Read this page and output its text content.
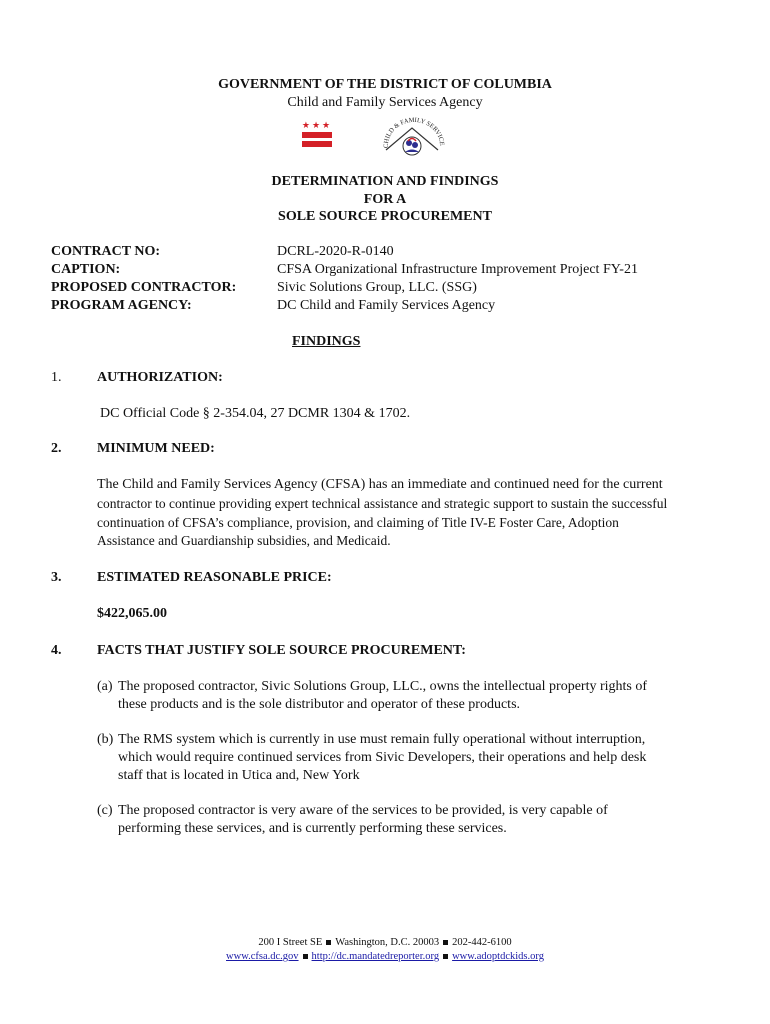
GOVERNMENT OF THE DISTRICT OF COLUMBIA
Child and Family Services Agency
★★★
CHILD & FAMILY SERVICE
DETERMINATION AND FINDINGS
FOR A
SOLE SOURCE PROCUREMENT
CONTRACT NO:	DCRL-2020-R-0140
CAPTION:	CFSA Organizational Infrastructure Improvement Project FY-21
PROPOSED CONTRACTOR:	Sivic Solutions Group, LLC. (SSG)
PROGRAM AGENCY:	DC Child and Family Services Agency
FINDINGS
1.	AUTHORIZATION:
DC Official Code § 2-354.04, 27 DCMR 1304 & 1702.
2.	MINIMUM NEED:
The Child and Family Services Agency (CFSA) has an immediate and continued need for the current
contractor to continue providing expert technical assistance and strategic support to sustain the successful
continuation of CFSA’s compliance, provision, and claiming of Title IV-E Foster Care, Adoption
Assistance and Guardianship subsidies, and Medicaid.
3.	ESTIMATED REASONABLE PRICE:
$422,065.00
4.	FACTS THAT JUSTIFY SOLE SOURCE PROCUREMENT:
(a) The proposed contractor, Sivic Solutions Group, LLC., owns the intellectual property rights of
these products and is the sole distributor and operator of these products.
(b) The RMS system which is currently in use must remain fully operational without interruption,
which would require continued services from Sivic Developers, their operations and help desk
staff that is located in Utica and, New York
(c) The proposed contractor is very aware of the services to be provided, is very capable of
performing these services, and is currently performing these services.
200 I Street SE Washington, D.C. 20003 202-442-6100
www.cfsa.dc.gov http://dc.mandatedreporter.org www.adoptdckids.org
